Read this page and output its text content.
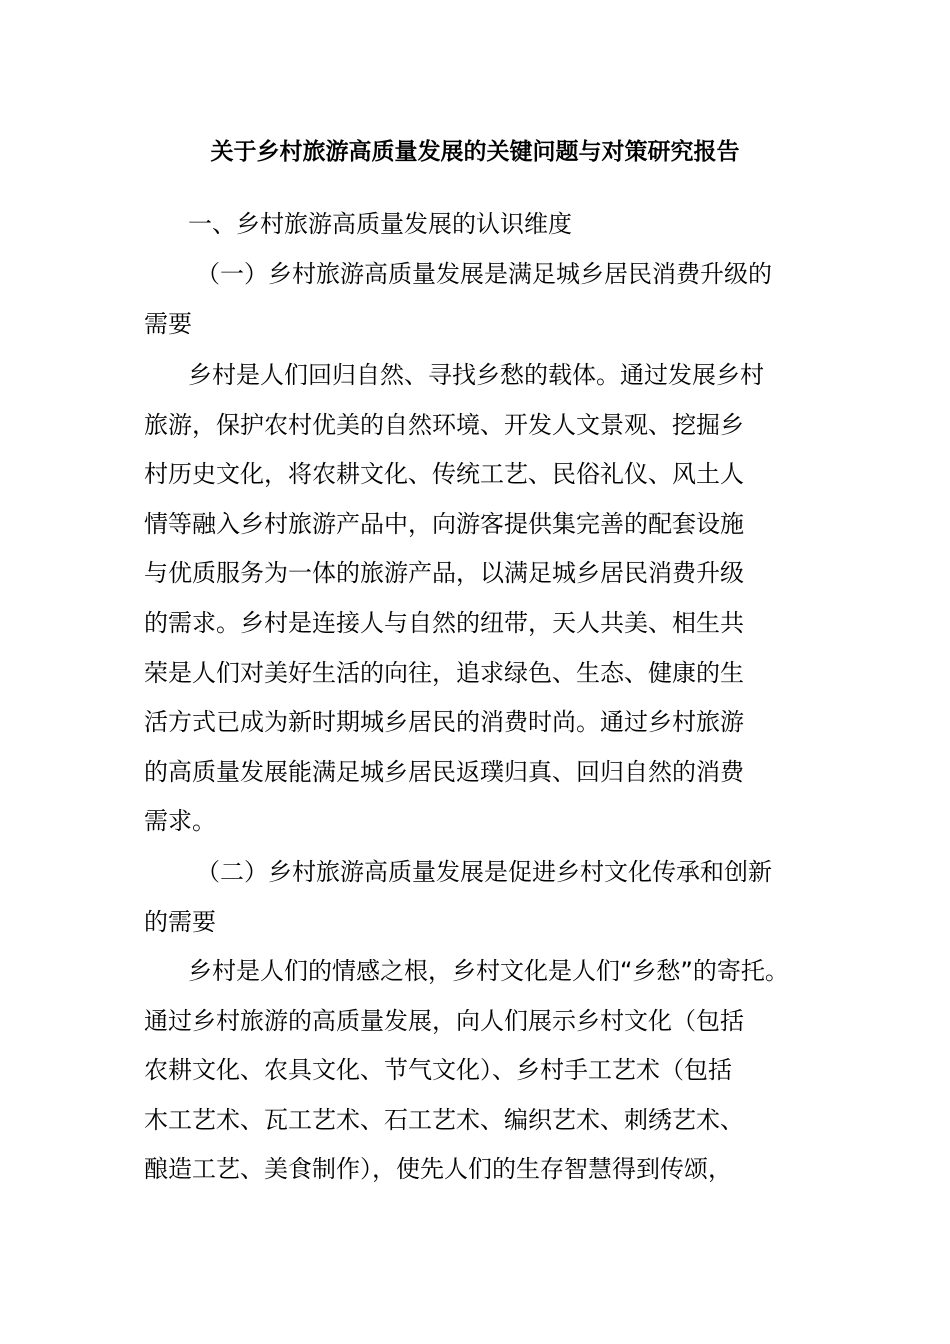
关于乡村旅游高质量发展的关键问题与对策研究报告
一、乡村旅游高质量发展的认识维度
（一）乡村旅游高质量发展是满足城乡居民消费升级的
需要
乡村是人们回归自然、寻找乡愁的载体。通过发展乡村
旅游，保护农村优美的自然环境、开发人文景观、挖掘乡
村历史文化，将农耕文化、传统工艺、民俗礼仪、风土人
情等融入乡村旅游产品中，向游客提供集完善的配套设施
与优质服务为一体的旅游产品，以满足城乡居民消费升级
的需求。乡村是连接人与自然的纽带，天人共美、相生共
荣是人们对美好生活的向往，追求绿色、生态、健康的生
活方式已成为新时期城乡居民的消费时尚。通过乡村旅游
的高质量发展能满足城乡居民返璞归真、回归自然的消费
需求。
（二）乡村旅游高质量发展是促进乡村文化传承和创新
的需要
乡村是人们的情感之根，乡村文化是人们“乡愁”的寄托。
通过乡村旅游的高质量发展，向人们展示乡村文化（包括
农耕文化、农具文化、节气文化）、乡村手工艺术（包括
木工艺术、瓦工艺术、石工艺术、编织艺术、刺绣艺术、
酿造工艺、美食制作），使先人们的生存智慧得到传颂，
